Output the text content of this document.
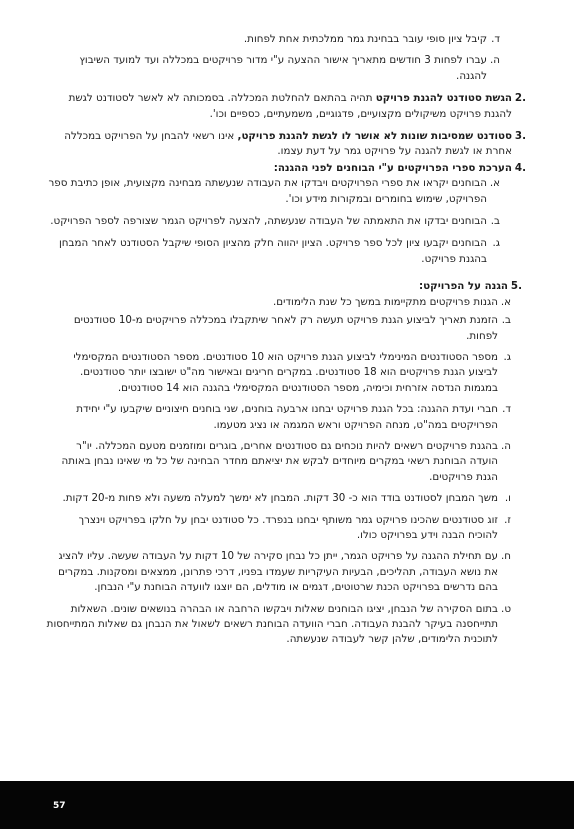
ד.
קיבל ציון סופי עובר בבחינת גמר ממלכתית אחת לפחות.
ה.
עברו לפחות 3 חודשים מתאריך אישור ההצעה ע"י מדור פרויקטים במכללה ועד למועד השיבוץ להגנה.
.2
הגשת סטודנט להגנת פרויקט תהיה בהתאם להחלטת המכללה. בסמכותה לא לאשר לסטודנט לגשת להגנת פרויקט משיקולים מקצועיים, פדגוגיים, משמעתיים, כספיים וכו'.
.3
סטודנט שמסיבות שונות לא אושר לו לגשת להגנת פרויקט, אינו רשאי להבחן על הפרויקט במכללה אחרת או לגשת להגנה על פרויקט גמר על דעת עצמו.
.4
הערכת ספרי הפרויקטים ע"י הבוחנים לפני ההגנה:
א.
הבוחנים יקראו את ספרי הפרויקטים ויבדקו את העבודה שנעשתה מבחינה מקצועית, אופן כתיבת ספר הפרויקט, שימוש בחומרים ובמקורות מידע וכו'.
ב.
הבוחנים יבדקו את התאמתה של העבודה שנעשתה, להצעה לפרויקט הגמר שצורפה לספר הפרויקט.
ג.
הבוחנים יקבעו ציון לכל ספר פרויקט. הציון יהווה חלק מהציון הסופי שיקבל הסטודנט לאחר המבחן בהגנת פרויקט.
.5
הגנה על הפרויקט:
א.
הגנות פרויקטים מתקיימות במשך כל שנת הלימודים.
ב.
הזמנת תאריך לביצוע הגנת פרויקט תעשה רק לאחר שיתקבלו במכללה פרויקטים מ-10 סטודנטים לפחות.
ג.
מספר הסטודנטים המינימלי לביצוע הגנת פרויקט הוא 10 סטודנטים. מספר הסטודנטים המקסימלי לביצוע הגנת פרויקטים הוא 18 סטודנטים. במקרים חריגים ובאישור מה"ט ישובצו יותר סטודנטים. במגמות הנדסה אזרחית וכימיה, מספר הסטודנטים המקסימלי בהגנה הוא 14 סטודנטים.
ד.
חברי ועדת ההגנה: בכל הגנת פרויקט יבחנו ארבעה בוחנים, שני בוחנים חיצוניים שיקבעו ע"י יחידת הפרויקטים במה"ט, מנחה הפרויקט וראש המגמה או נציג מטעמו.
ה.
בהגנת פרויקטים רשאים להיות נוכחים גם סטודנטים אחרים, בוגרים ומוזמנים מטעם המכללה. יו"ר הועדה הבוחנת רשאי במקרים מיוחדים לבקש את יציאתם מחדר הבחינה של כל מי שאינו נבחן באותה הגנת פרויקטים.
ו.
משך המבחן לסטודנט בודד הוא כ- 30 דקות. המבחן לא ימשך למעלה משעה ולא פחות מ-20 דקות.
ז.
זוג סטודנטים שהכינו פרויקט גמר משותף יבחנו בנפרד. כל סטודנט יבחן על חלקו בפרויקט וינצרך להוכיח הבנה וידע בפרויקט כולו.
ח.
עם תחילת ההגנה על פרויקט הגמר, ייתן כל נבחן סקירה של 10 דקות על העבודה שעשה. עליו להציג את נושא העבודה, תהליכים, הבעיות העיקריות שעמדו בפניו, דרכי פתרונן, ממצאים ומסקנות. במקרים בהם נדרשים בפרויקט הכנת שרטוטים, דגמים או מודלים, הם יוצגו לוועדה הבוחנת ע"י הנבחן.
ט.
בתום הסקירה של הנבחן, יציגו הבוחנים שאלות ויבקשו הרחבה או הבהרה בנושאים שונים. השאלות תתייחסנה בעיקר להבנת העבודה. חברי הוועדה הבוחנת רשאים לשאול את הנבחן גם שאלות המתייחסות לתוכנית הלימודים, שלהן קשר לעבודה שנעשתה.
57
